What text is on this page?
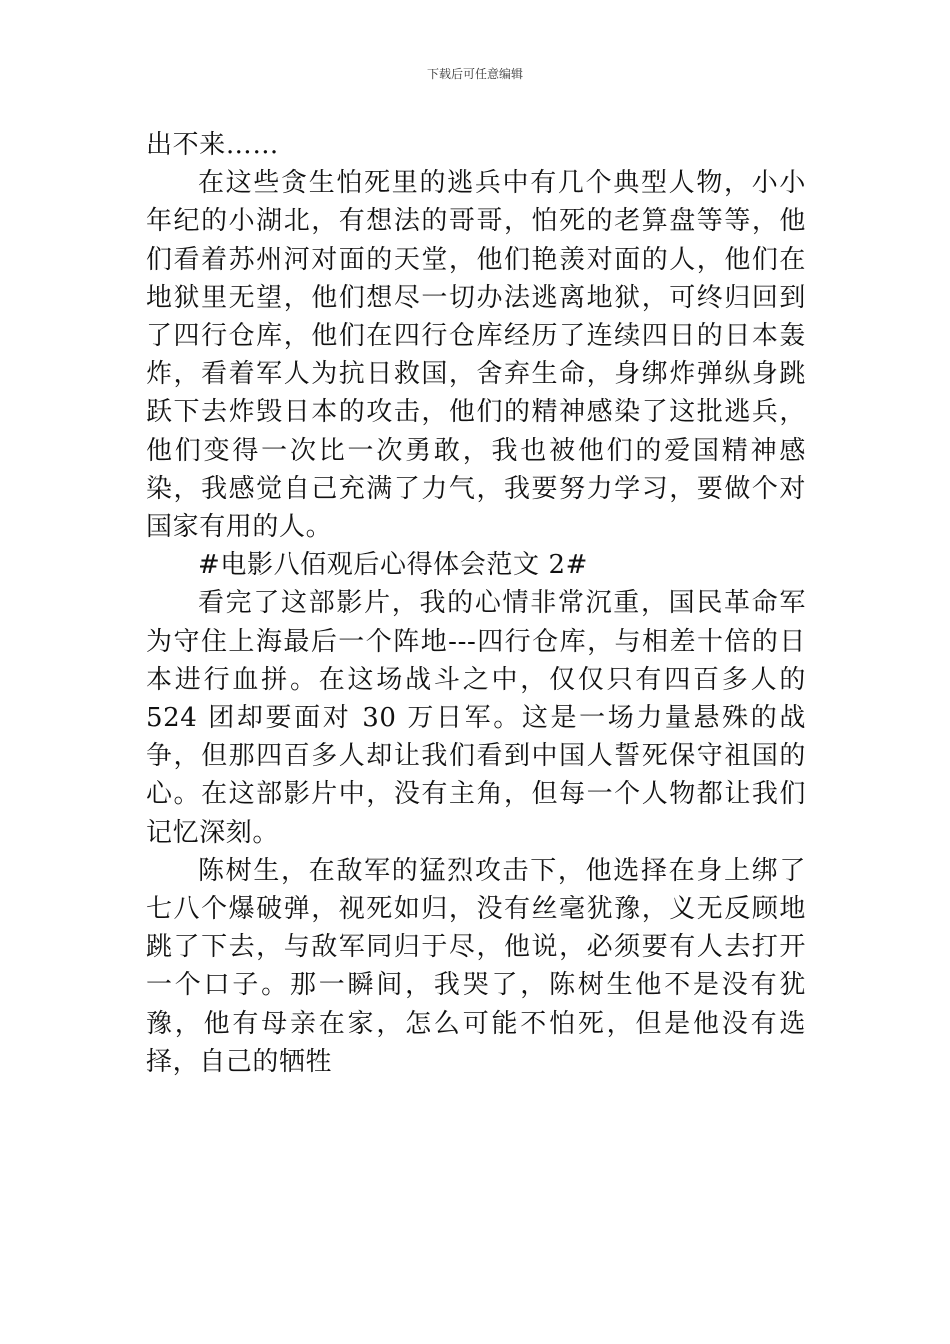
下载后可任意编辑

出不来……

在这些贪生怕死里的逃兵中有几个典型人物，小小年纪的小湖北，有想法的哥哥，怕死的老算盘等等，他们看着苏州河对面的天堂，他们艳羡对面的人，他们在地狱里无望，他们想尽一切办法逃离地狱，可终归回到了四行仓库，他们在四行仓库经历了连续四日的日本轰炸，看着军人为抗日救国，舍弃生命，身绑炸弹纵身跳跃下去炸毁日本的攻击，他们的精神感染了这批逃兵，他们变得一次比一次勇敢，我也被他们的爱国精神感染，我感觉自己充满了力气，我要努力学习，要做个对国家有用的人。

#电影八佰观后心得体会范文 2#

看完了这部影片，我的心情非常沉重，国民革命军为守住上海最后一个阵地---四行仓库，与相差十倍的日本进行血拼。在这场战斗之中，仅仅只有四百多人的 524 团却要面对 30 万日军。这是一场力量悬殊的战争，但那四百多人却让我们看到中国人誓死保守祖国的心。在这部影片中，没有主角，但每一个人物都让我们记忆深刻。

陈树生，在敌军的猛烈攻击下，他选择在身上绑了七八个爆破弹，视死如归，没有丝毫犹豫，义无反顾地跳了下去，与敌军同归于尽，他说，必须要有人去打开一个口子。那一瞬间，我哭了，陈树生他不是没有犹豫，他有母亲在家，怎么可能不怕死，但是他没有选择，自己的牺牲
